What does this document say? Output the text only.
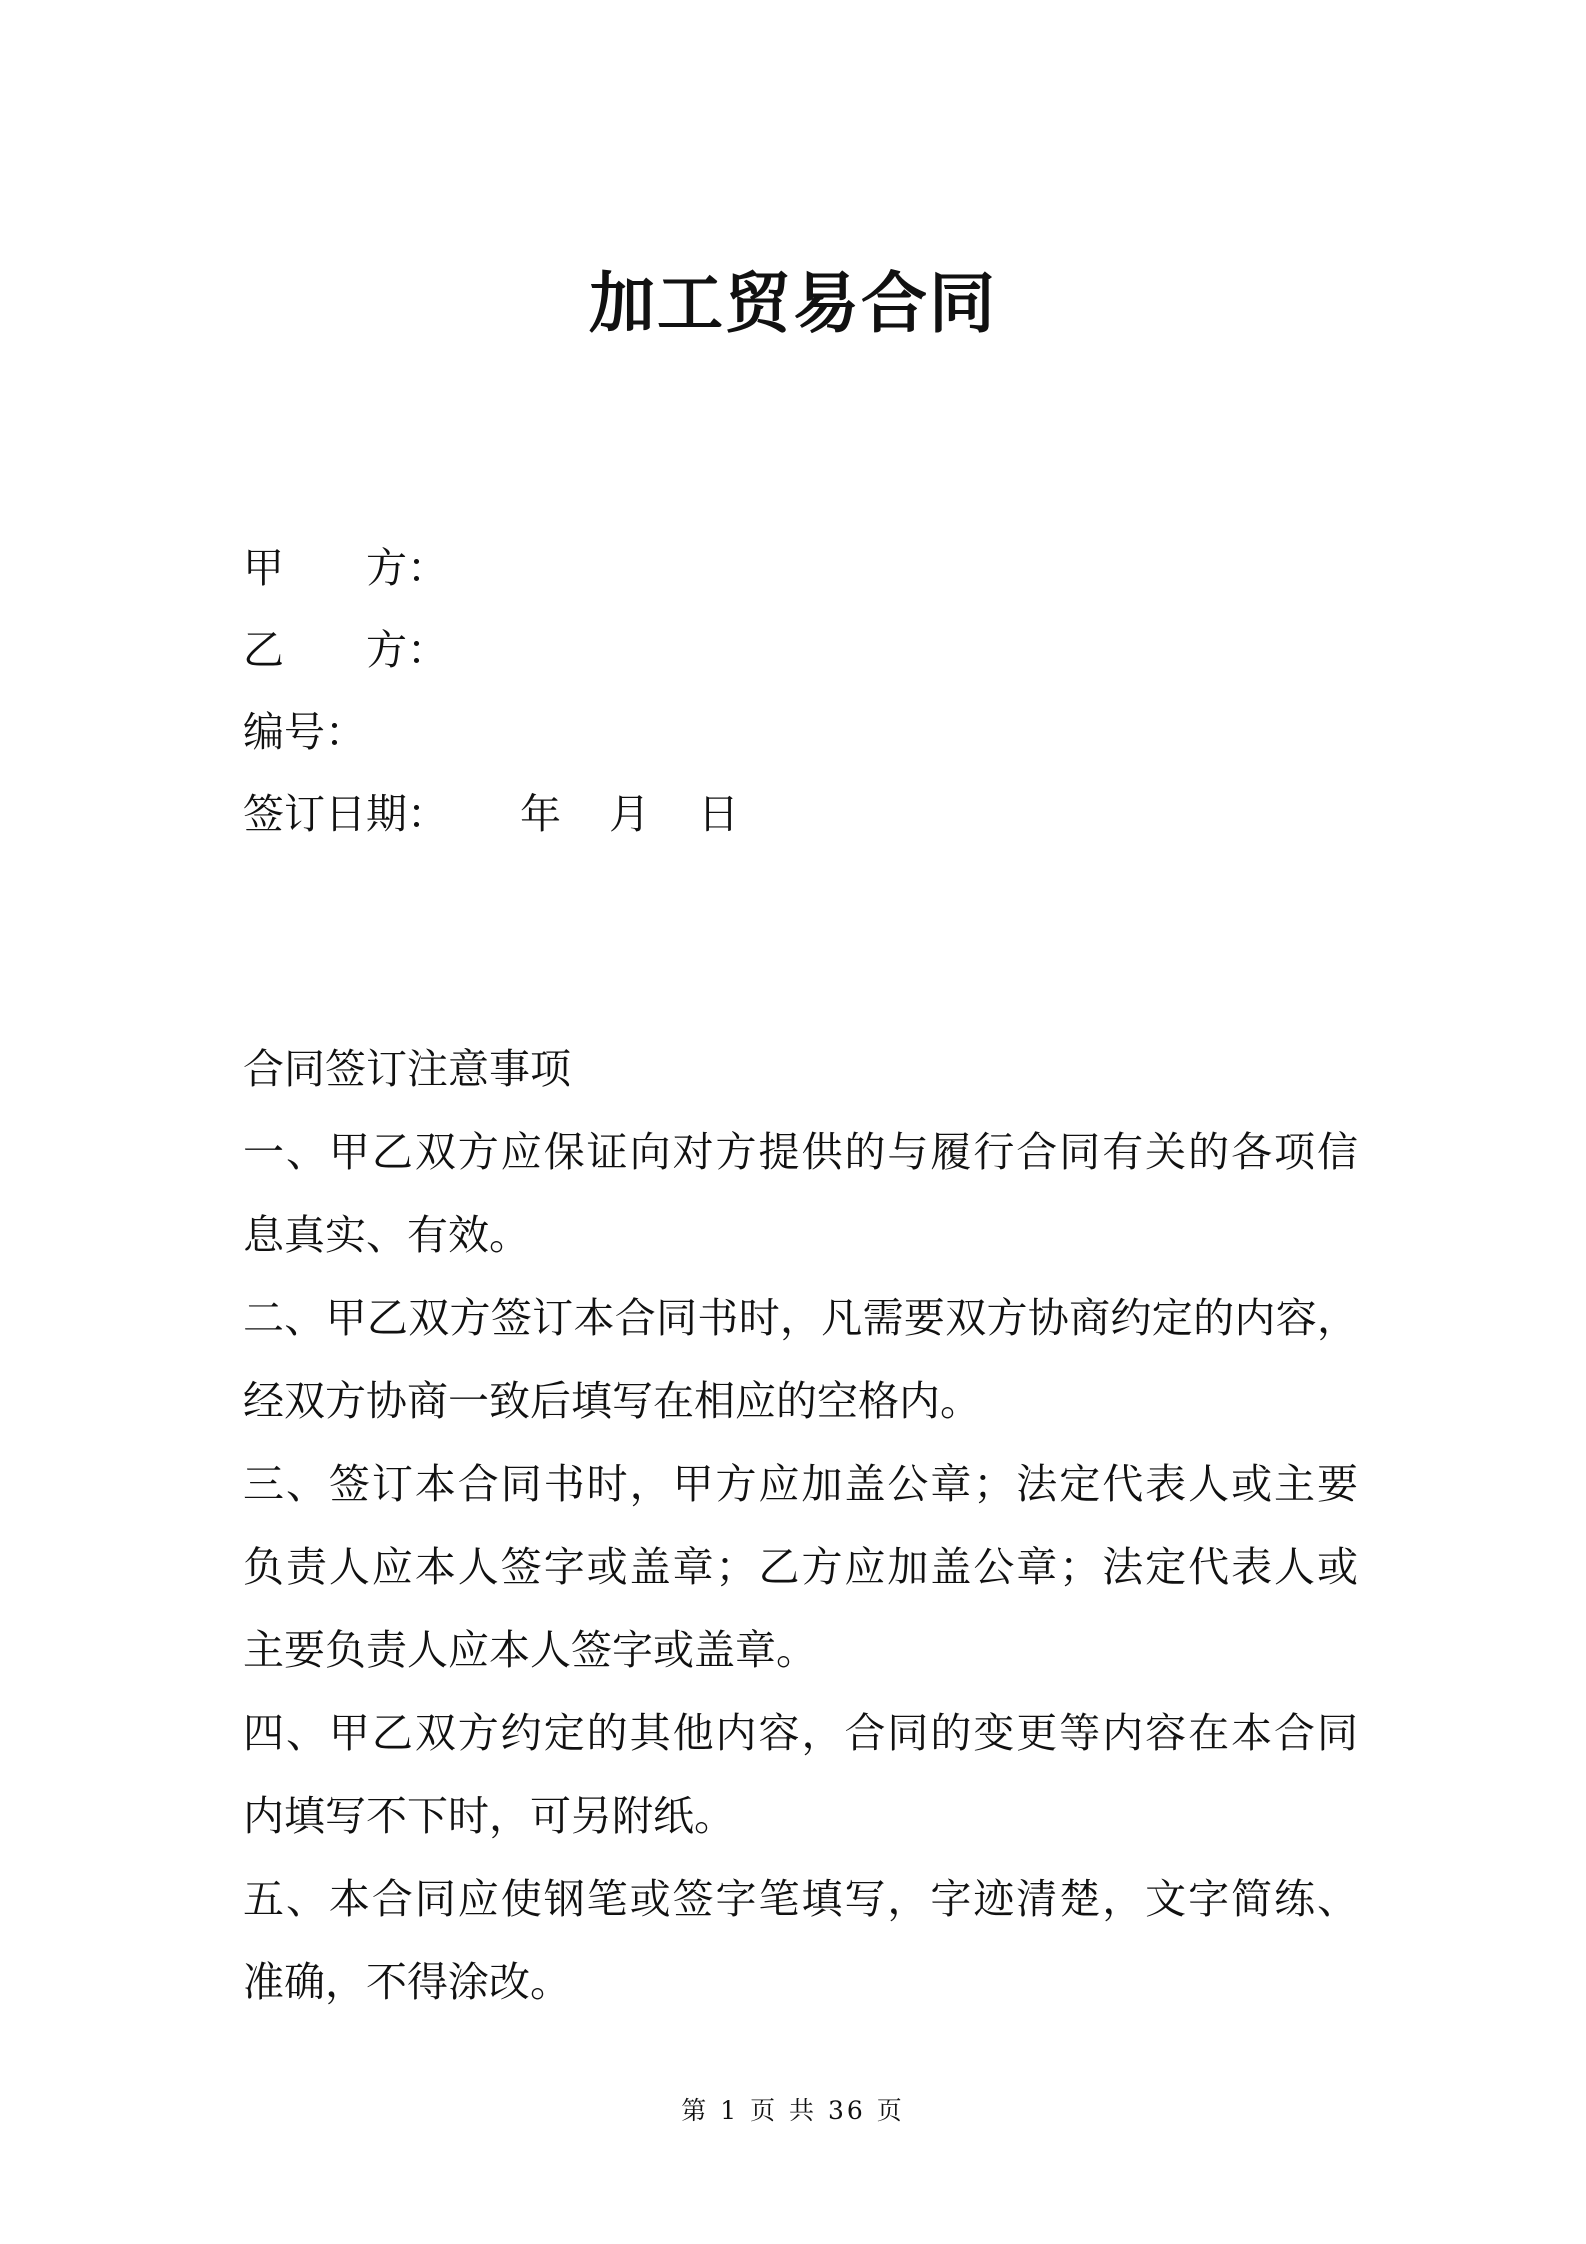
加工贸易合同
甲 方：
乙 方：
编号：
签订日期： 年 月 日
合同签订注意事项
一、甲乙双方应保证向对方提供的与履行合同有关的各项信
息真实、有效。
二、甲乙双方签订本合同书时，凡需要双方协商约定的内容，
经双方协商一致后填写在相应的空格内。
三、签订本合同书时，甲方应加盖公章；法定代表人或主要
负责人应本人签字或盖章；乙方应加盖公章；法定代表人或
主要负责人应本人签字或盖章。
四、甲乙双方约定的其他内容，合同的变更等内容在本合同
内填写不下时，可另附纸。
五、本合同应使钢笔或签字笔填写，字迹清楚，文字简练、
准确，不得涂改。
第 1 页 共 36 页
